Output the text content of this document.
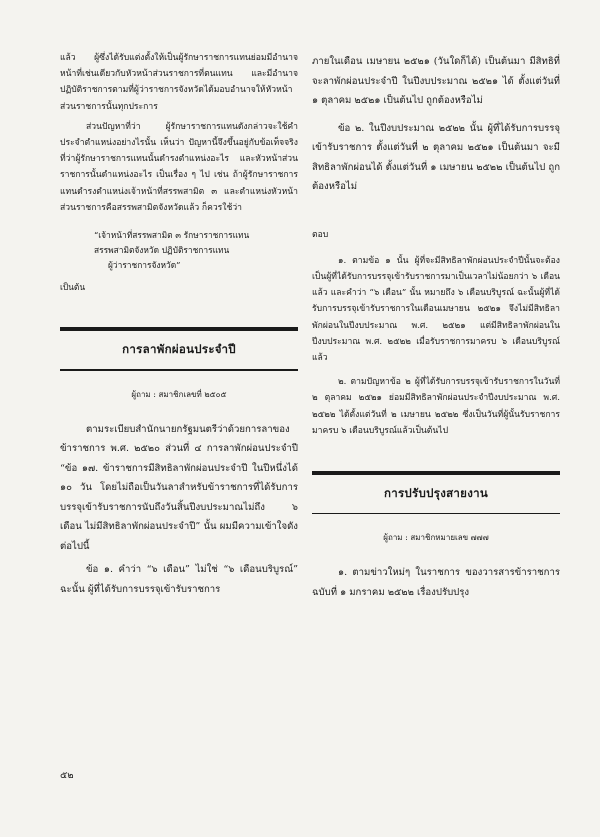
แล้ว ผู้ซึ่งได้รับแต่งตั้งให้เป็นผู้รักษาราชการแทนย่อมมีอำนาจหน้าที่เช่นเดียวกับหัวหน้าส่วนราชการที่ตนแทน และมีอำนาจปฏิบัติราชการตามที่ผู้ว่าราชการจังหวัดได้มอบอำนาจให้หัวหน้าส่วนราชการนั้นทุกประการ

ส่วนปัญหาที่ว่า ผู้รักษาราชการแทนดังกล่าวจะใช้คำประจำตำแหน่งอย่างไรนั้น เห็นว่า ปัญหานี้จึงขึ้นอยู่กับข้อเท็จจริงที่ว่าผู้รักษาราชการแทนนั้นดำรงตำแหน่งอะไร และหัวหน้าส่วนราชการนั้นดำแหน่งอะไร เป็นเรื่อง ๆ ไป เช่น ถ้าผู้รักษาราชการแทนดำรงตำแหน่งเจ้าหน้าที่สรรพสามิต ๓ และตำแหน่งหัวหน้าส่วนราชการคือสรรพสามิตจังหวัดแล้ว ก็ควรใช้ว่า

“เจ้าหน้าที่สรรพสามิต ๓ รักษาราชการแทน
สรรพสามิตจังหวัด ปฏิบัติราชการแทน
ผู้ว่าราชการจังหวัด”

เป็นต้น

การลาพักผ่อนประจำปี
ผู้ถาม : สมาชิกเลขที่ ๒๕๐๕

ตามระเบียบสำนักนายกรัฐมนตรีว่าด้วยการลาของข้าราชการ พ.ศ. ๒๕๒๐ ส่วนที่ ๔ การลาพักผ่อนประจำปี “ข้อ ๑๗. ข้าราชการมีสิทธิลาพักผ่อนประจำปี ในปีหนึ่งได้ ๑๐ วัน โดยไม่ถือเป็นวันลาสำหรับข้าราชการที่ได้รับการบรรจุเข้ารับราชการนับถึงวันสิ้นปีงบประมาณไม่ถึง ๖ เดือน ไม่มีสิทธิลาพักผ่อนประจำปี” นั้น ผมมีความเข้าใจดังต่อไปนี้

ข้อ ๑. คำว่า “๖ เดือน” ไม่ใช่ “๖ เดือนบริบูรณ์” ฉะนั้น ผู้ที่ได้รับการบรรจุเข้ารับราชการ

๕๒

ภายในเดือน เมษายน ๒๕๒๑ (วันใดก็ได้) เป็นต้นมา มีสิทธิที่จะลาพักผ่อนประจำปี ในปีงบประมาณ ๒๕๒๑ ได้ ตั้งแต่วันที่ ๑ ตุลาคม ๒๕๒๑ เป็นต้นไป ถูกต้องหรือไม่

ข้อ ๒. ในปีงบประมาณ ๒๕๒๒ นั้น ผู้ที่ได้รับการบรรจุเข้ารับราชการ ตั้งแต่วันที่ ๒ ตุลาคม ๒๕๒๑ เป็นต้นมา จะมีสิทธิลาพักผ่อนได้ ตั้งแต่วันที่ ๑ เมษายน ๒๕๒๒ เป็นต้นไป ถูกต้องหรือไม่

ตอบ

๑. ตามข้อ ๑ นั้น ผู้ที่จะมีสิทธิลาพักผ่อนประจำปีนั้นจะต้องเป็นผู้ที่ได้รับการบรรจุเข้ารับราชการมาเป็นเวลาไม่น้อยกว่า ๖ เดือนแล้ว และคำว่า “๖ เดือน” นั้น หมายถึง ๖ เดือนบริบูรณ์ ฉะนั้นผู้ที่ได้รับการบรรจุเข้ารับราชการในเดือนเมษายน ๒๕๒๑ จึงไม่มีสิทธิลาพักผ่อนในปีงบประมาณ พ.ศ. ๒๕๒๑ แต่มีสิทธิลาพักผ่อนในปีงบประมาณ พ.ศ. ๒๕๒๒ เมื่อรับราชการมาครบ ๖ เดือนบริบูรณ์แล้ว

๒. ตามปัญหาข้อ ๒ ผู้ที่ได้รับการบรรจุเข้ารับราชการในวันที่ ๒ ตุลาคม ๒๕๒๑ ย่อมมีสิทธิลาพักผ่อนประจำปีงบประมาณ พ.ศ. ๒๕๒๒ ได้ตั้งแต่วันที่ ๒ เมษายน ๒๕๒๒ ซึ่งเป็นวันที่ผู้นั้นรับราชการมาครบ ๖ เดือนบริบูรณ์แล้วเป็นต้นไป

การปรับปรุงสายงาน
ผู้ถาม : สมาชิกหมายเลข ๗๗๗

๑. ตามข่าวใหม่ๆ ในราชการ ของวารสารข้าราชการฉบับที่ ๑ มกราคม ๒๕๒๒ เรื่องปรับปรุง
